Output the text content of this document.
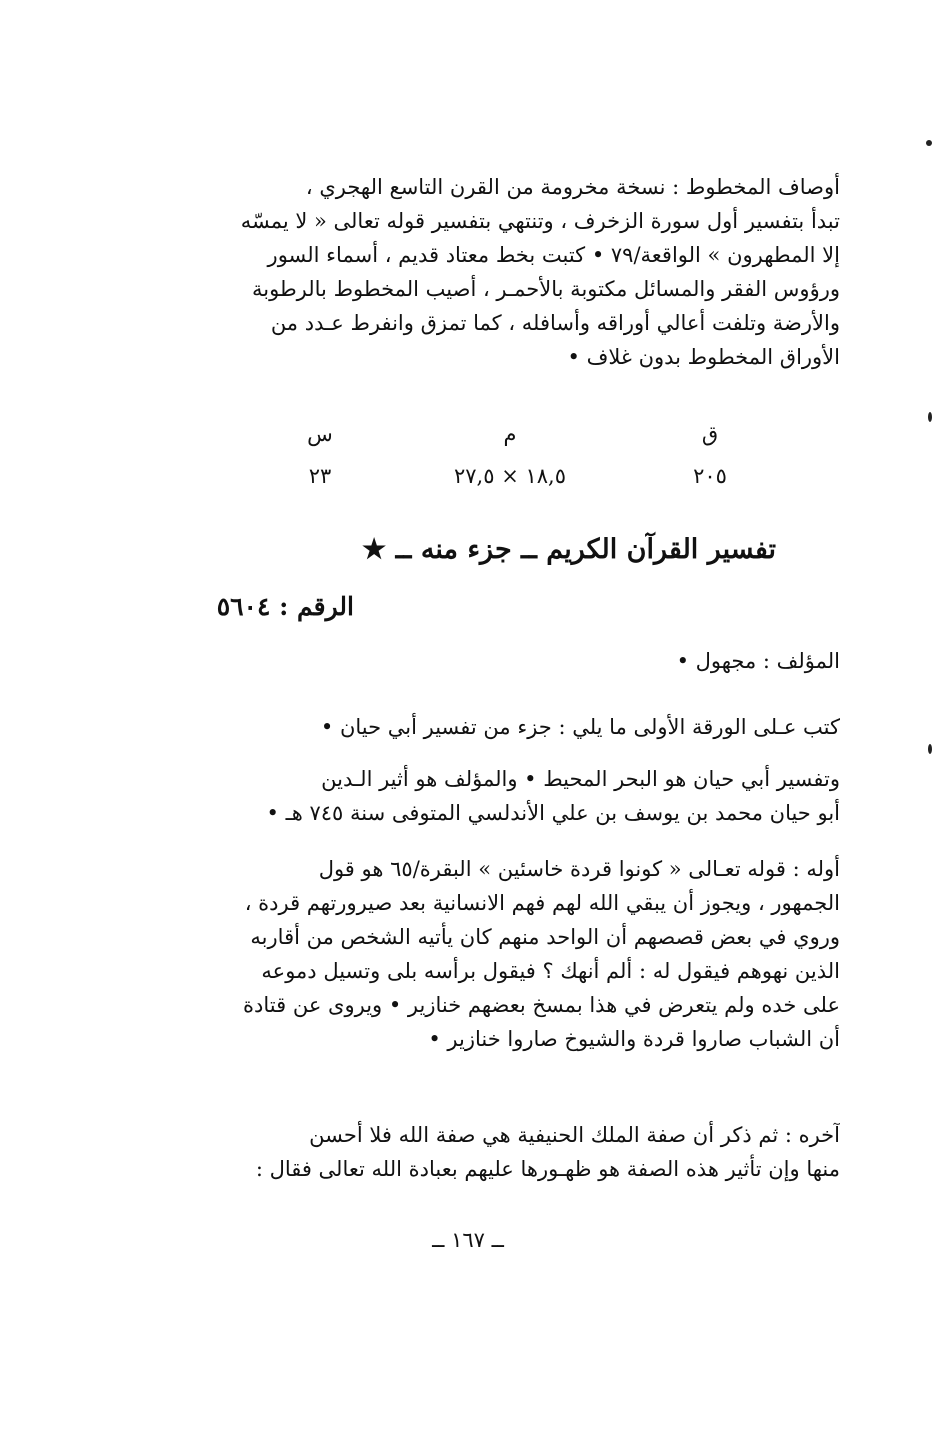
أوصاف المخطوط : نسخة مخرومة من القرن التاسع الهجري ،
تبدأ بتفسير أول سورة الزخرف ، وتنتهي بتفسير قوله تعالى « لا يمسّه
إلا المطهرون » الواقعة/٧٩ • كتبت بخط معتاد قديم ، أسماء السور
ورؤوس الفقر والمسائل مكتوبة بالأحمـر ، أصيب المخطوط بالرطوبة
والأرضة وتلفت أعالي أوراقه وأسافله ، كما تمزق وانفرط عـدد من
الأوراق المخطوط بدون غلاف •
ق
٢٠٥
م
١٨,٥ × ٢٧,٥
س
٢٣
تفسير القرآن الكريم ــ جزء منه ــ ★
الرقم : ٥٦٠٤
المؤلف : مجهول •
كتب عـلى الورقة الأولى ما يلي : جزء من تفسير أبي حيان •
وتفسير أبي حيان هو البحر المحيط • والمؤلف هو أثير الـدين
أبو حيان محمد بن يوسف بن علي الأندلسي المتوفى سنة ٧٤٥ هـ •
أوله : قوله تعـالى « كونوا قردة خاسئين » البقرة/٦٥ هو قول
الجمهور ، ويجوز أن يبقي الله لهم فهم الانسانية بعد صيرورتهم قردة ،
وروي في بعض قصصهم أن الواحد منهم كان يأتيه الشخص من أقاربه
الذين نهوهم فيقول له : ألم أنهك ؟ فيقول برأسه بلى وتسيل دموعه
على خده ولم يتعرض في هذا بمسخ بعضهم خنازير • ويروى عن قتادة
أن الشباب صاروا قردة والشيوخ صاروا خنازير •
آخره : ثم ذكر أن صفة الملك الحنيفية هي صفة الله فلا أحسن
منها وإن تأثير هذه الصفة هو ظهـورها عليهم بعبادة الله تعالى فقال :
ــ ١٦٧ ــ
